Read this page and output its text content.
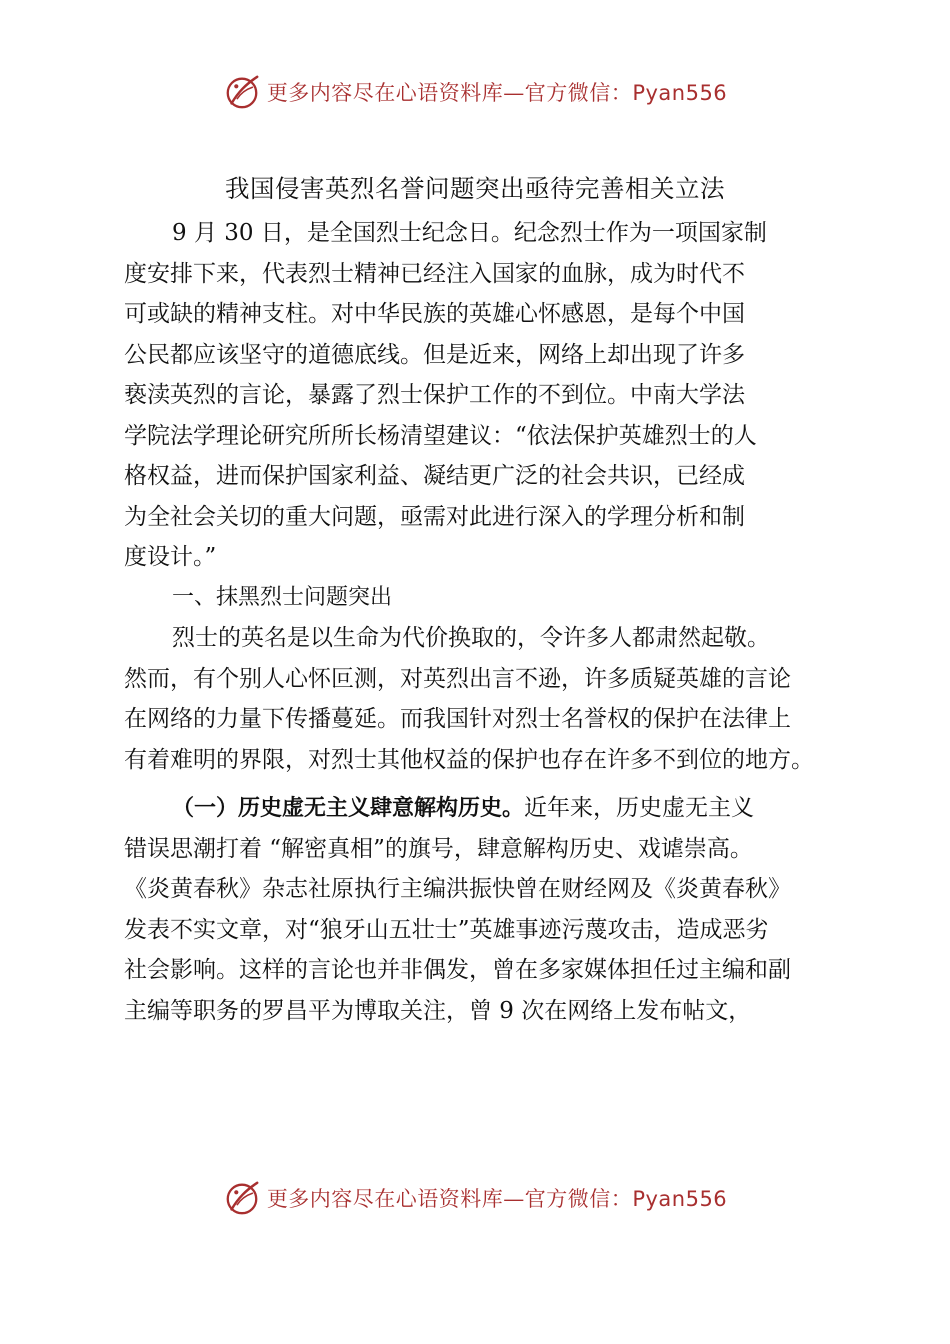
更多内容尽在心语资料库—官方微信：Pyan556
我国侵害英烈名誉问题突出亟待完善相关立法
9 月 30 日，是全国烈士纪念日。纪念烈士作为一项国家制
度安排下来，代表烈士精神已经注入国家的血脉，成为时代不
可或缺的精神支柱。对中华民族的英雄心怀感恩，是每个中国
公民都应该坚守的道德底线。但是近来，网络上却出现了许多
亵渎英烈的言论，暴露了烈士保护工作的不到位。中南大学法
学院法学理论研究所所长杨清望建议：“依法保护英雄烈士的人
格权益，进而保护国家利益、凝结更广泛的社会共识，已经成
为全社会关切的重大问题，亟需对此进行深入的学理分析和制
度设计。”
一、抹黑烈士问题突出
烈士的英名是以生命为代价换取的，令许多人都肃然起敬。
然而，有个别人心怀叵测，对英烈出言不逊，许多质疑英雄的言论
在网络的力量下传播蔓延。而我国针对烈士名誉权的保护在法律上
有着难明的界限，对烈士其他权益的保护也存在许多不到位的地方。
（一）历史虚无主义肆意解构历史。近年来，历史虚无主义
错误思潮打着 “解密真相”的旗号，肆意解构历史、戏谑崇高。
《炎黄春秋》杂志社原执行主编洪振快曾在财经网及《炎黄春秋》
发表不实文章，对“狼牙山五壮士”英雄事迹污蔑攻击，造成恶劣
社会影响。这样的言论也并非偶发，曾在多家媒体担任过主编和副
主编等职务的罗昌平为博取关注，曾 9 次在网络上发布帖文，
更多内容尽在心语资料库—官方微信：Pyan556
